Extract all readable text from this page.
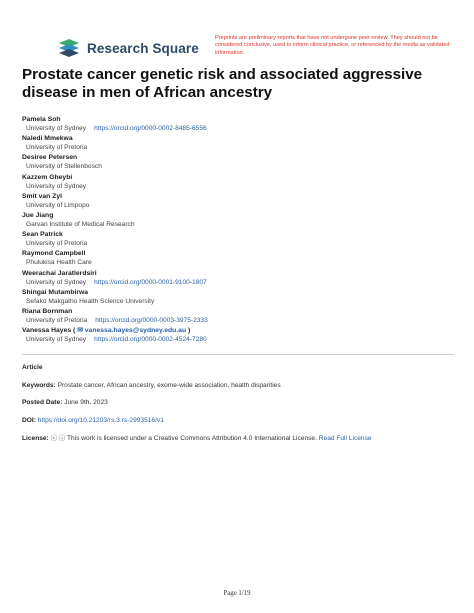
Research Square
Preprints are preliminary reports that have not undergone peer review. They should not be considered conclusive, used to inform clinical practice, or referenced by the media as validated information.
Prostate cancer genetic risk and associated aggressive disease in men of African ancestry
Pamela Soh
University of Sydney https://orcid.org/0000-0002-8485-6556
Naledi Mmekwa
University of Pretoria
Desiree Petersen
University of Stellenbosch
Kazzem Gheybi
University of Sydney
Smit van Zyl
University of Limpopo
Jue Jiang
Garvan Institute of Medical Research
Sean Patrick
University of Pretoria
Raymond Campbell
Phulukisa Health Care
Weerachai Jaratlerdsiri
University of Sydney https://orcid.org/0000-0001-9100-1807
Shingai Mutambirwa
Sefako Makgatho Health Science University
Riana Bornman
University of Pretoria https://orcid.org/0000-0003-3975-2333
Vanessa Hayes ( ✉ vanessa.hayes@sydney.edu.au )
University of Sydney https://orcid.org/0000-0002-4524-7280
Article
Keywords: Prostate cancer, African ancestry, exome-wide association, health disparities
Posted Date: June 9th, 2023
DOI: https://doi.org/10.21203/rs.3.rs-2993516/v1
License: ⓒ ⓘ This work is licensed under a Creative Commons Attribution 4.0 International License. Read Full License
Page 1/19
